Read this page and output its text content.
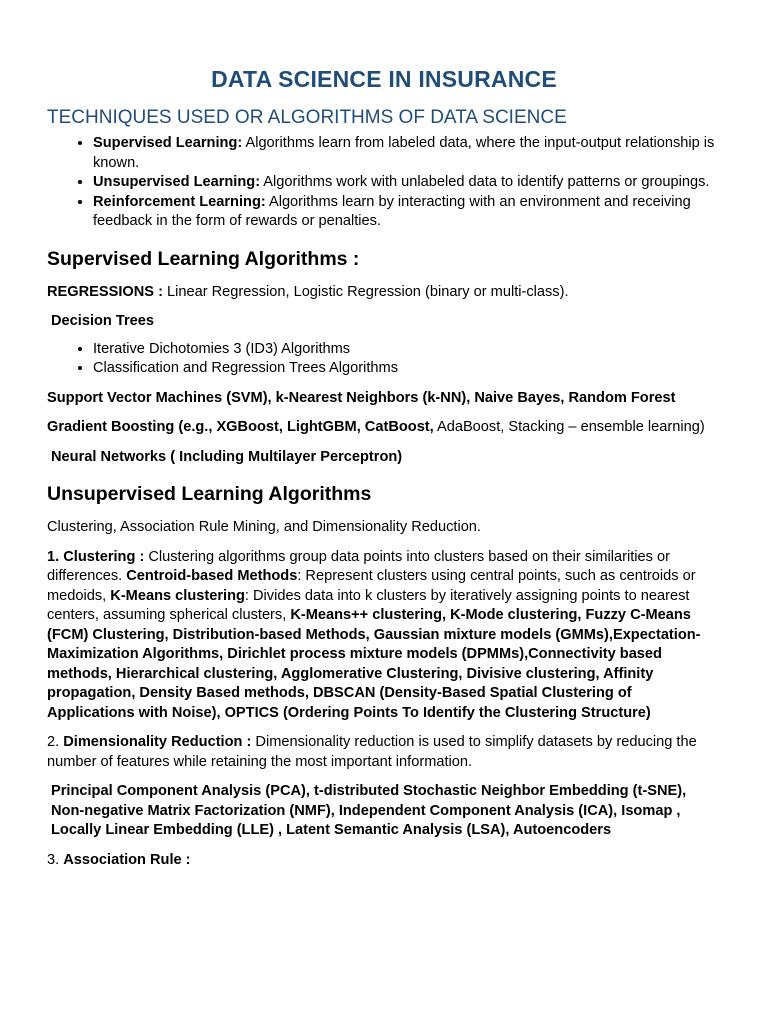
DATA SCIENCE IN INSURANCE
TECHNIQUES USED OR ALGORITHMS OF DATA SCIENCE
• Supervised Learning: Algorithms learn from labeled data, where the input-output relationship is known.
• Unsupervised Learning: Algorithms work with unlabeled data to identify patterns or groupings.
• Reinforcement Learning: Algorithms learn by interacting with an environment and receiving feedback in the form of rewards or penalties.
Supervised Learning Algorithms :

REGRESSIONS : Linear Regression, Logistic Regression (binary or multi-class).

Decision Trees

• Iterative Dichotomies 3 (ID3) Algorithms
• Classification and Regression Trees Algorithms

Support Vector Machines (SVM), k-Nearest Neighbors (k-NN), Naive Bayes, Random Forest

Gradient Boosting (e.g., XGBoost, LightGBM, CatBoost, AdaBoost, Stacking – ensemble learning)

Neural Networks ( Including Multilayer Perceptron)

Unsupervised Learning Algorithms

Clustering, Association Rule Mining, and Dimensionality Reduction.

1. Clustering : Clustering algorithms group data points into clusters based on their similarities or differences. Centroid-based Methods: Represent clusters using central points, such as centroids or medoids, K-Means clustering: Divides data into k clusters by iteratively assigning points to nearest centers, assuming spherical clusters, K-Means++ clustering, K-Mode clustering, Fuzzy C-Means (FCM) Clustering, Distribution-based Methods, Gaussian mixture models (GMMs),Expectation-Maximization Algorithms, Dirichlet process mixture models (DPMMs),Connectivity based methods, Hierarchical clustering, Agglomerative Clustering, Divisive clustering, Affinity propagation, Density Based methods, DBSCAN (Density-Based Spatial Clustering of Applications with Noise), OPTICS (Ordering Points To Identify the Clustering Structure)

2. Dimensionality Reduction : Dimensionality reduction is used to simplify datasets by reducing the number of features while retaining the most important information.

Principal Component Analysis (PCA), t-distributed Stochastic Neighbor Embedding (t-SNE), Non-negative Matrix Factorization (NMF), Independent Component Analysis (ICA), Isomap , Locally Linear Embedding (LLE) , Latent Semantic Analysis (LSA), Autoencoders

3. Association Rule :
